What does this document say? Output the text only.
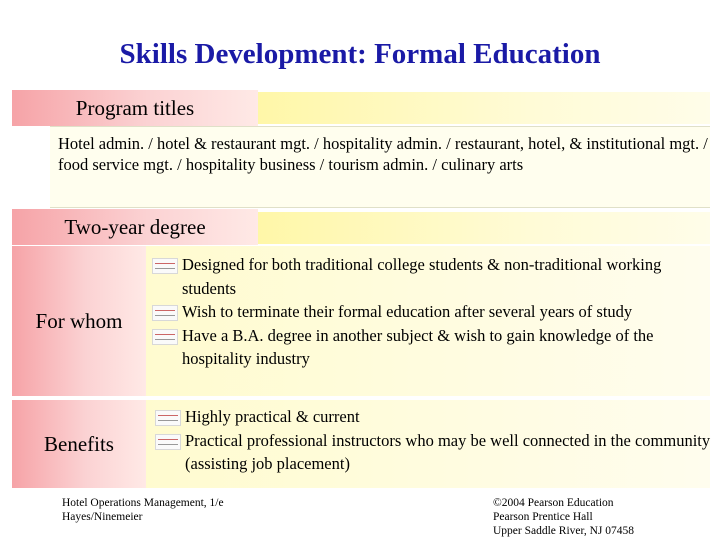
Skills Development: Formal Education
Program titles
Hotel admin. / hotel & restaurant mgt. / hospitality admin. / restaurant, hotel, & institutional mgt. / food service mgt. / hospitality business / tourism admin. / culinary arts
Two-year degree
For whom
Designed for both traditional college students & non-traditional working students
Wish to terminate their formal education after several years of study
Have a B.A. degree in another subject & wish to gain knowledge of the hospitality industry
Benefits
Highly practical & current
Practical professional instructors who may be well connected in the community (assisting job placement)
Hotel Operations Management, 1/e
Hayes/Ninemeier
©2004 Pearson Education
Pearson Prentice Hall
Upper Saddle River, NJ 07458
